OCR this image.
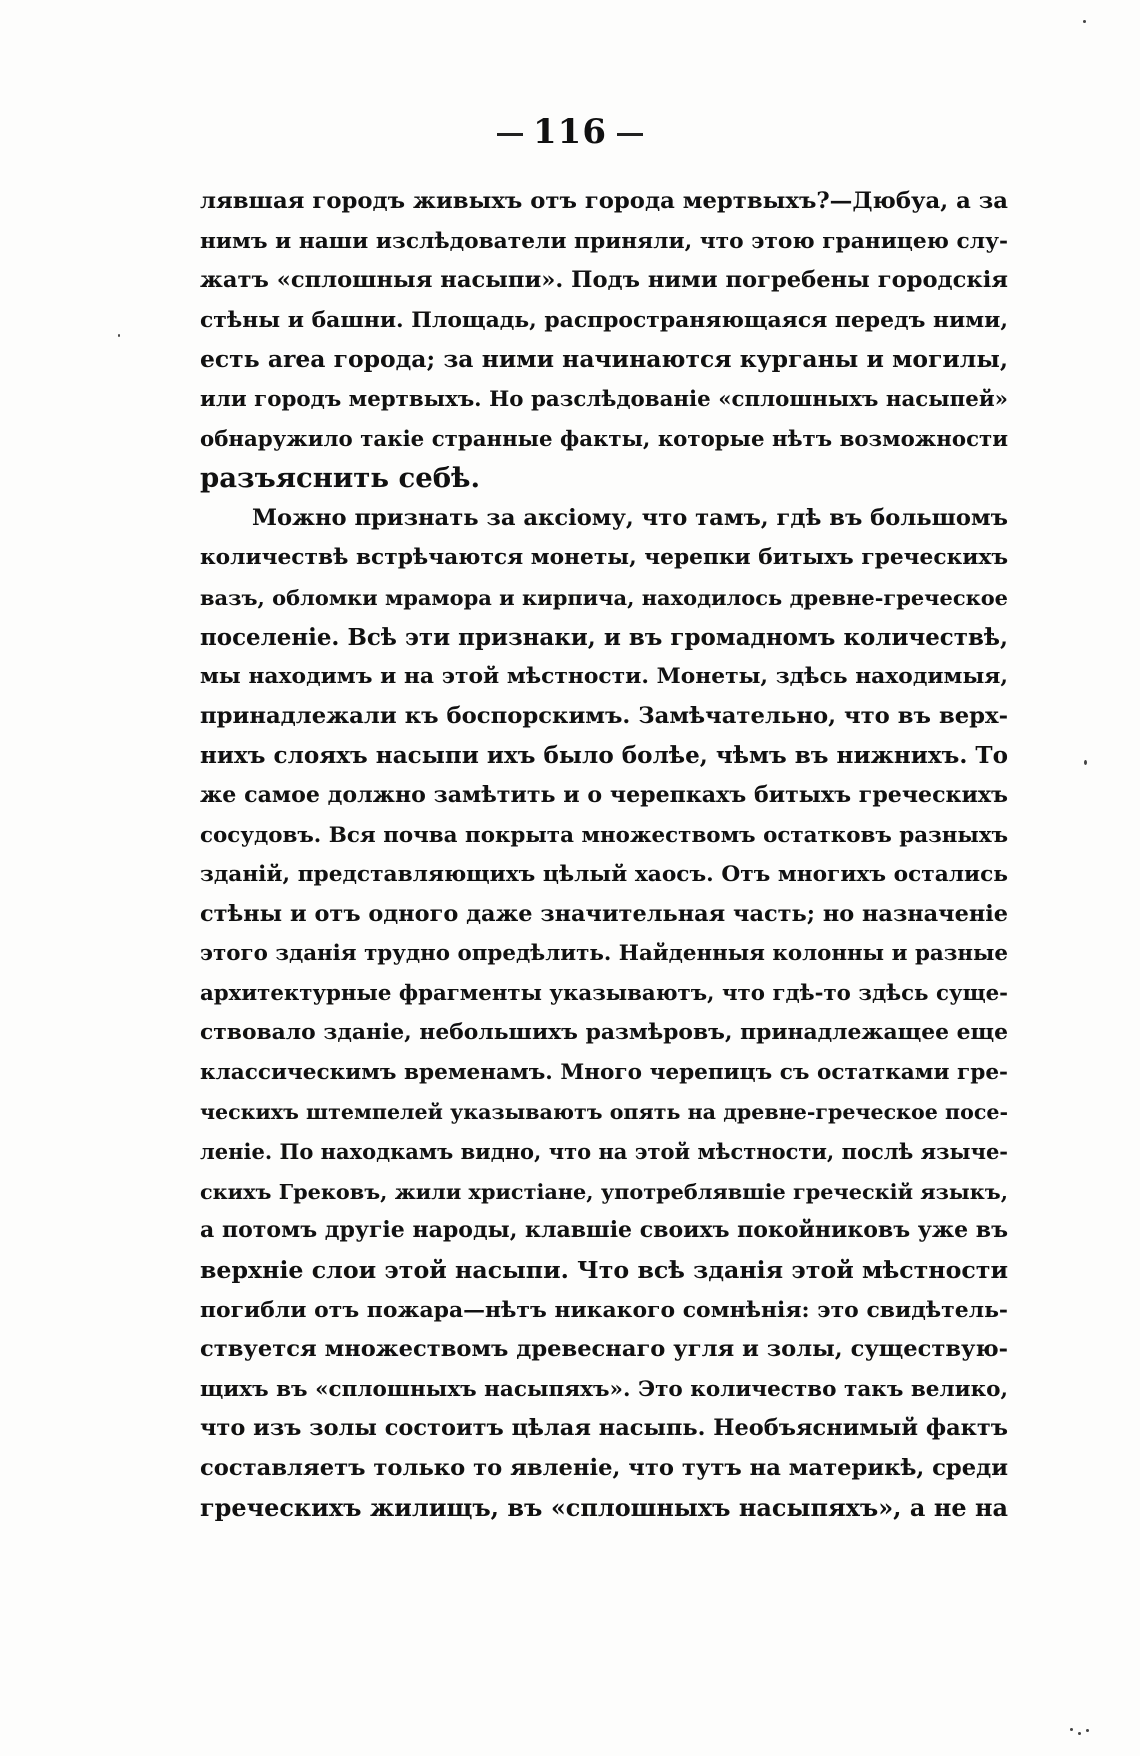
116
лявшая городъ живыхъ отъ города мертвыхъ?—Дюбуа, а за
нимъ и наши изслѣдователи приняли, что этою границею слу-
жатъ «сплошныя насыпи». Подъ ними погребены городскія
стѣны и башни. Площадь, распространяющаяся передъ ними,
есть area города; за ними начинаются курганы и могилы,
или городъ мертвыхъ. Но разслѣдованіе «сплошныхъ насыпей»
обнаружило такіе странные факты, которые нѣтъ возможности
разъяснить себѣ.
Можно признать за аксіому, что тамъ, гдѣ въ большомъ
количествѣ встрѣчаются монеты, черепки битыхъ греческихъ
вазъ, обломки мрамора и кирпича, находилось древне-греческое
поселеніе. Всѣ эти признаки, и въ громадномъ количествѣ,
мы находимъ и на этой мѣстности. Монеты, здѣсь находимыя,
принадлежали къ боспорскимъ. Замѣчательно, что въ верх-
нихъ слояхъ насыпи ихъ было болѣе, чѣмъ въ нижнихъ. То
же самое должно замѣтить и о черепкахъ битыхъ греческихъ
сосудовъ. Вся почва покрыта множествомъ остатковъ разныхъ
зданій, представляющихъ цѣлый хаосъ. Отъ многихъ остались
стѣны и отъ одного даже значительная часть; но назначеніе
этого зданія трудно опредѣлить. Найденныя колонны и разные
архитектурные фрагменты указываютъ, что гдѣ-то здѣсь суще-
ствовало зданіе, небольшихъ размѣровъ, принадлежащее еще
классическимъ временамъ. Много черепицъ съ остатками гре-
ческихъ штемпелей указываютъ опять на древне-греческое посе-
леніе. По находкамъ видно, что на этой мѣстности, послѣ языче-
скихъ Грековъ, жили христіане, употреблявшіе греческій языкъ,
а потомъ другіе народы, клавшіе своихъ покойниковъ уже въ
верхніе слои этой насыпи. Что всѣ зданія этой мѣстности
погибли отъ пожара—нѣтъ никакого сомнѣнія: это свидѣтель-
ствуется множествомъ древеснаго угля и золы, существую-
щихъ въ «сплошныхъ насыпяхъ». Это количество такъ велико,
что изъ золы состоитъ цѣлая насыпь. Необъяснимый фактъ
составляетъ только то явленіе, что тутъ на материкѣ, среди
греческихъ жилищъ, въ «сплошныхъ насыпяхъ», а не на
